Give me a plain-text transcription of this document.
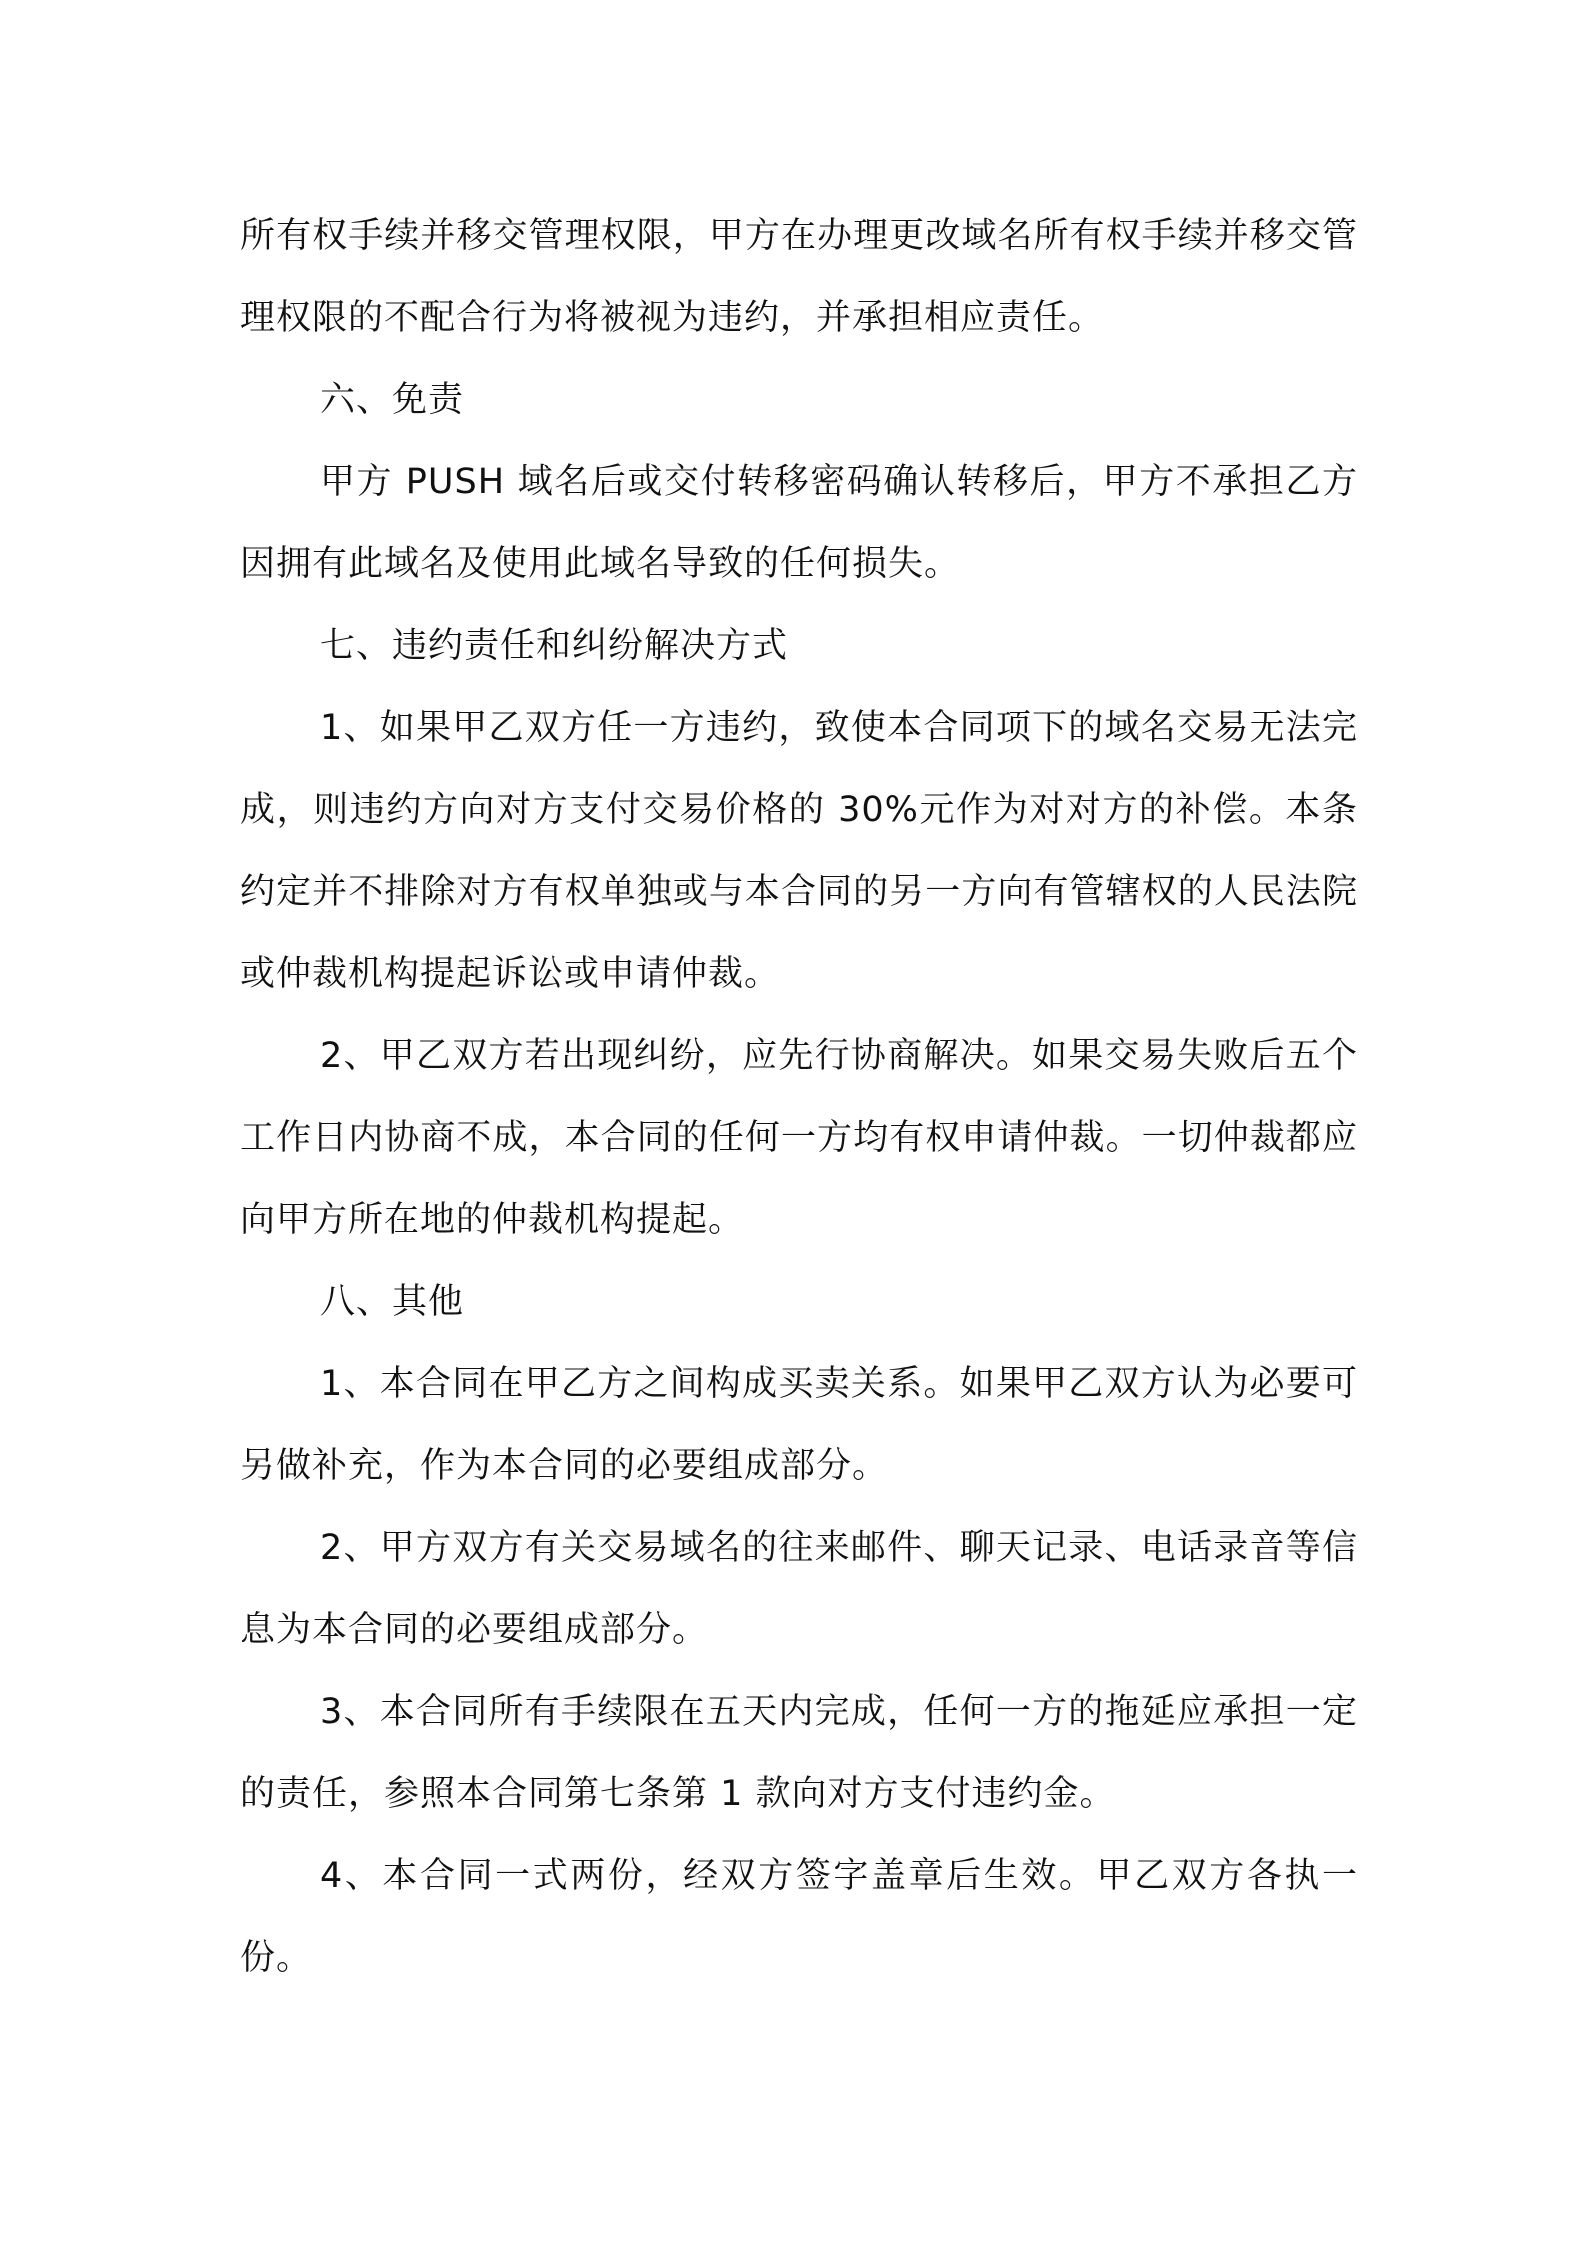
所有权手续并移交管理权限，甲方在办理更改域名所有权手续并移交管理权限的不配合行为将被视为违约，并承担相应责任。

六、免责

甲方 PUSH 域名后或交付转移密码确认转移后，甲方不承担乙方因拥有此域名及使用此域名导致的任何损失。

七、违约责任和纠纷解决方式

1、如果甲乙双方任一方违约，致使本合同项下的域名交易无法完成，则违约方向对方支付交易价格的 30%元作为对对方的补偿。本条约定并不排除对方有权单独或与本合同的另一方向有管辖权的人民法院或仲裁机构提起诉讼或申请仲裁。

2、甲乙双方若出现纠纷，应先行协商解决。如果交易失败后五个工作日内协商不成，本合同的任何一方均有权申请仲裁。一切仲裁都应向甲方所在地的仲裁机构提起。

八、其他

1、本合同在甲乙方之间构成买卖关系。如果甲乙双方认为必要可另做补充，作为本合同的必要组成部分。

2、甲方双方有关交易域名的往来邮件、聊天记录、电话录音等信息为本合同的必要组成部分。

3、本合同所有手续限在五天内完成，任何一方的拖延应承担一定的责任，参照本合同第七条第 1 款向对方支付违约金。

4、本合同一式两份，经双方签字盖章后生效。甲乙双方各执一份。
